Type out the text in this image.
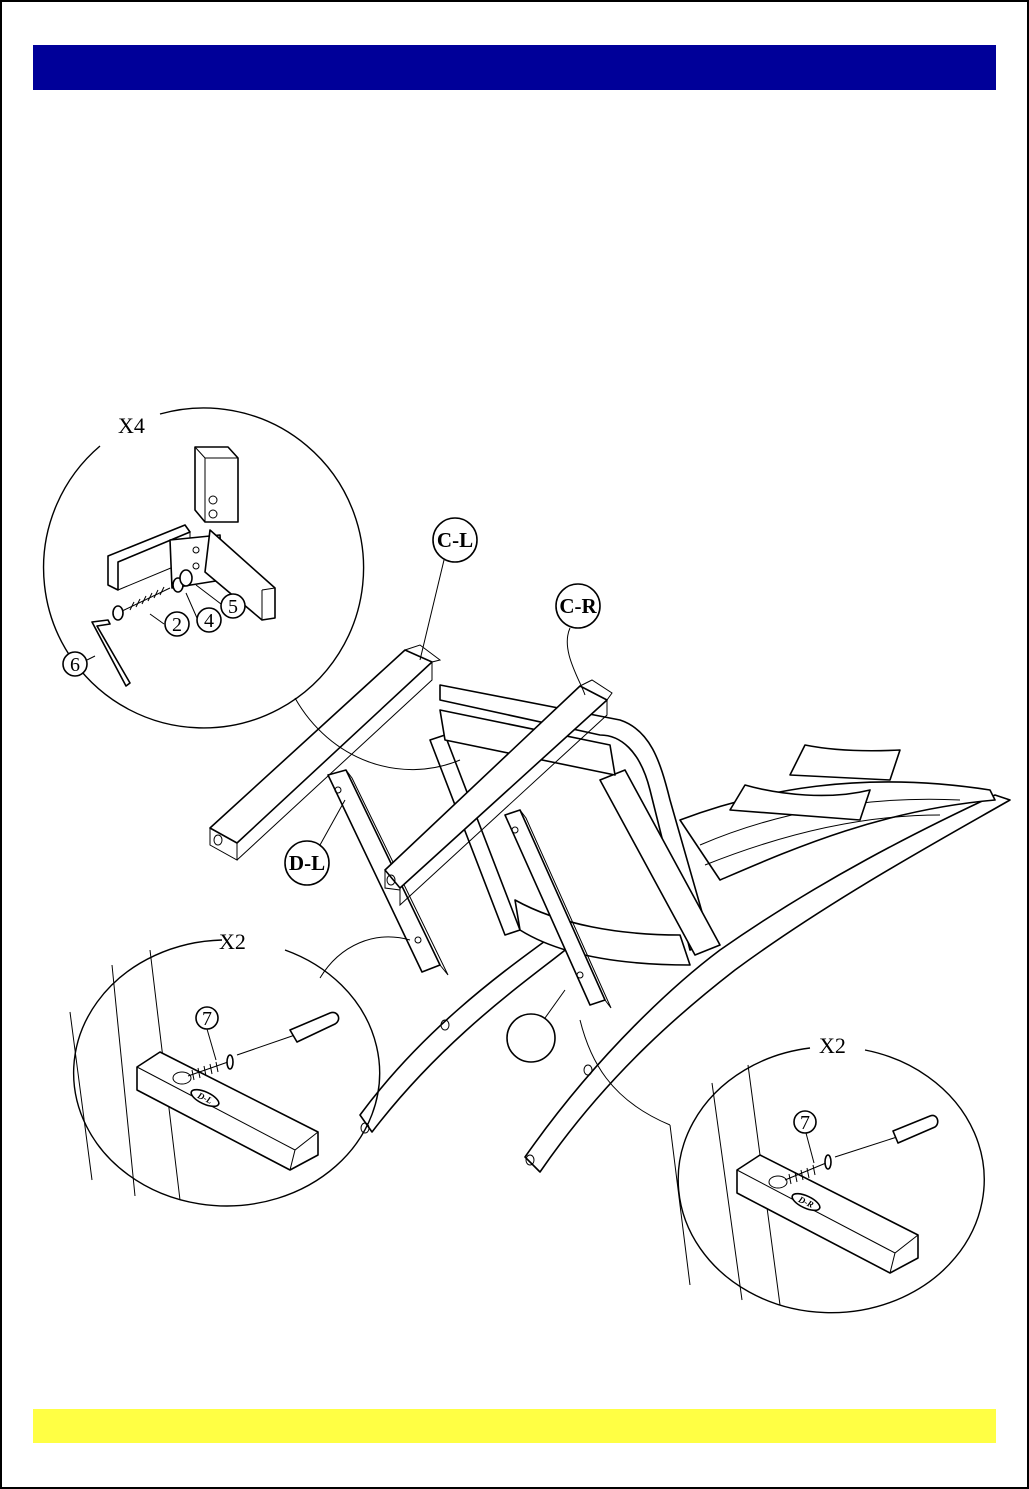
X4
2 4
5
6
C-L
C-R
D-L
X2
D-L
7
X2
D-R
7
